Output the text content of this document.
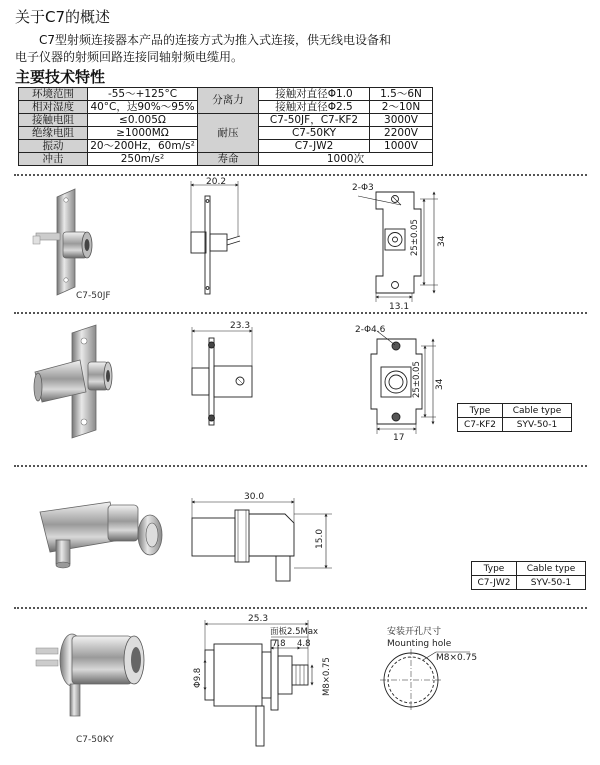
关于C7的概述

C7型射频连接器本产品的连接方式为推入式连接，供无线电设备和电子仪器的射频回路连接同轴射频电缆用。

主要技术特性
环境范围	-55～+125°C	分离力	接触对直径Φ1.0	1.5～6N
相对湿度	40°C，达90%～95%		接触对直径Φ2.5	2～10N
接触电阻	≤0.005Ω	耐压	C7-50JF，C7-KF2	3000V
绝缘电阻	≥1000MΩ		C7-50KY	2200V
振动	20～200Hz，60m/s²		C7-JW2	1000V
冲击	250m/s²	寿命	1000次	
C7-50JF
20.2
2-Φ3
25±0.05 34
13.1
23.3	2-Φ4.6
25±0.05 34
17
30.0
15.0
25.3
面板2.5Max
7.8 4.8
Φ9.8	M8×0.75
安装开孔尺寸
Mounting hole
M8×0.75
Type	Cable type
C7-KF2	SYV-50-1
Type	Cable type
C7-JW2	SYV-50-1
C7-50KY
